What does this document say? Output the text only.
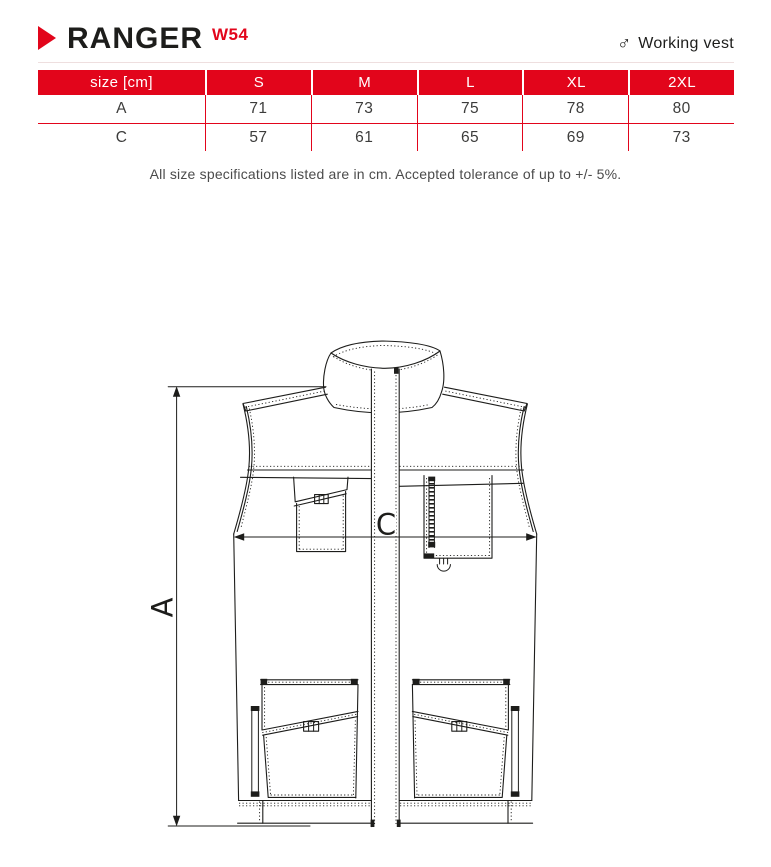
RANGER W54	♂ Working vest
size [cm]	S	M	L	XL	2XL
A	71	73	75	78	80
C	57	61	65	69	73
All size specifications listed are in cm. Accepted tolerance of up to +/- 5%.
A
C
